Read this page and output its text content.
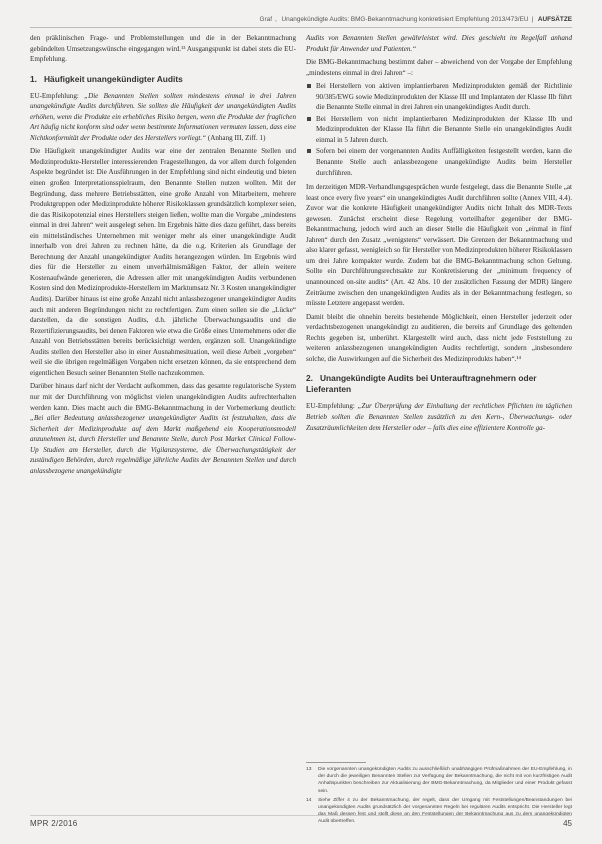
Graf , Unangekündigte Audits: BMG-Bekanntmachung konkretisiert Empfehlung 2013/473/EU | AUFSÄTZE

den präklinischen Frage- und Problemstellungen und die in der Bekanntmachung gebündelten Umsetzungswünsche eingegangen wird.¹³ Ausgangspunkt ist dabei stets die EU-Empfehlung.

1. Häufigkeit unangekündigter Audits

EU-Empfehlung: „Die Benannten Stellen sollten mindestens einmal in drei Jahren unangekündigte Audits durchführen. Sie sollten die Häufigkeit der unangekündigten Audits erhöhen, wenn die Produkte ein erhebliches Risiko bergen, wenn die Produkte der fraglichen Art häufig nicht konform sind oder wenn bestimmte Informationen vermuten lassen, dass eine Nichtkonformität der Produkte oder des Herstellers vorliegt.“ (Anhang III, Ziff. 1)

Die Häufigkeit unangekündigter Audits war eine der zentralen Benannte Stellen und Medizinprodukte-Hersteller interessierenden Fragestellungen, da vor allem durch folgenden Aspekte begründet ist: Die Ausführungen in der Empfehlung sind nicht eindeutig und bieten einen großen Interpretationsspielraum, den Benannte Stellen nutzen wollten. Mit der Begründung, dass mehrere Betriebsstätten, eine große Anzahl von Mitarbeitern, mehrere Produktgruppen oder Medizinprodukte höherer Risikoklassen grundsätzlich komplexer seien, die das Risikopotenzial eines Herstellers steigen ließen, wollte man die Vorgabe „mindestens einmal in drei Jahren“ weit ausgelegt sehen. Im Ergebnis hätte dies dazu geführt, dass bereits ein mittelständisches Unternehmen mit weniger mehr als einer unangekündigte Audit innerhalb von drei Jahren zu rechnen hätte, da die o.g. Kriterien als Grundlage der Berechnung der Anzahl unangekündigter Audits herangezogen würden. Im Ergebnis wird dies für die Hersteller zu einem unverhältnismäßigen Faktor, der allein weitere Kostenaufwände generieren, die Adressen aller mit unangekündigten Audits verbundenen Kosten sind den Medizinprodukte-Herstellern im Marktumsatz Nr. 3 Kosten unangekündigter Audits). Darüber hinaus ist eine große Anzahl nicht anlassbezogener unangekündigter Audits auch mit anderen Begründungen nicht zu rechtfertigen. Zum einen sollen sie die „Lücke“ darstellen, da die sonstigen Audits, d.h. jährliche Überwachungsaudits und die Rezertifizierungsaudits, bei denen Faktoren wie etwa die Größe eines Unternehmens oder die Anzahl von Betriebsstätten bereits berücksichtigt werden, ergänzen soll. Unangekündigte Audits stellen den Hersteller also in einer Ausnahmesituation, weil diese Arbeit „vorgeben“ weil sie die übrigen regelmäßigen Vorgaben nicht ersetzen können, da sie entsprechend dem eigentlichen Besuch seiner Benannten Stelle nachzukommen.

Darüber hinaus darf nicht der Verdacht aufkommen, dass das gesamte regulatorische System nur mit der Durchführung von möglichst vielen unangekündigten Audits aufrechterhalten werden kann. Dies macht auch die BMG-Bekanntmachung in der Vorbemerkung deutlich: „Bei aller Bedeutung anlassbezogener unangekündigter Audits ist festzuhalten, dass die Sicherheit der Medizinprodukte auf dem Markt maßgebend ein Kooperationsmodell anzunehmen ist, durch Hersteller und Benannte Stelle, durch Post Market Clinical Follow-Up Studien am Hersteller, durch die Vigilanzsysteme, die Überwachungstätigkeit der zuständigen Behörden, durch regelmäßige jährliche Audits der Benannten Stellen und durch anlassbezogene unangekündigte

Audits von Benannten Stellen gewährleistet wird. Dies geschieht im Regelfall anhand Produkt für Anwender und Patienten.“

Die BMG-Bekanntmachung bestimmt daher – abweichend von der Vorgabe der Empfehlung „mindestens einmal in drei Jahren“ –:

Bei Herstellern von aktiven implantierbaren Medizinprodukten gemäß der Richtlinie 90/385/EWG sowie Medizinprodukten der Klasse III und Implantaten der Klasse IIb führt die Benannte Stelle einmal in drei Jahren ein unangekündigtes Audit durch.
Bei Herstellern von nicht implantierbaren Medizinprodukten der Klasse IIb und Medizinprodukten der Klasse IIa führt die Benannte Stelle ein unangekündigtes Audit einmal in 5 Jahren durch.
Sofern bei einem der vorgenannten Audits Auffälligkeiten festgestellt werden, kann die Benannte Stelle auch anlassbezogene unangekündigte Audits beim Hersteller durchführen.

Im derzeitigen MDR-Verhandlungsgesprächen wurde festgelegt, dass die Benannte Stelle „at least once every five years“ ein unangekündigtes Audit durchführen sollte (Annex VIII, 4.4). Zuvor war die konkrete Häufigkeit unangekündigter Audits nicht Inhalt des MDR-Texts gewesen. Zunächst erscheint diese Regelung vorteilhafter gegenüber der BMG-Bekanntmachung, jedoch wird auch an dieser Stelle die Häufigkeit von „einmal in fünf Jahren“ durch den Zusatz „wenigstens“ verwässert. Die Grenzen der Bekanntmachung und also klarer gefasst, wenigleich so für Hersteller von Medizinprodukten höherer Risikoklassen um drei Jahre kompakter wurde. Zudem bat die BMG-Bekanntmachung schon Geltung. Sollte ein Durchführungsrechtsakte zur Konkretisierung der „minimum frequency of unannounced on-site audits“ (Art. 42 Abs. 10 der zusätzlichen Fassung der MDR) längere Zeiträume zwischen den unangekündigten Audits als in der Bekanntmachung festlegen, so müsste Letztere angepasst werden.

Damit bleibt die ohnehin bereits bestehende Möglichkeit, einen Hersteller jederzeit oder verdachtsbezogenen unangekündigt zu auditieren, die bereits auf Grundlage des geltenden Rechts gegeben ist, unberührt. Klargestellt wird auch, dass nicht jede Feststellung zu weiteren anlassbezogenen unangekündigten Audits rechtfertigt, sondern „insbesondere solche, die Auswirkungen auf die Sicherheit des Medizinprodukts haben“.¹⁴

2. Unangekündigte Audits bei Unterauftragnehmern oder Lieferanten

EU-Empfehlung: „Zur Überprüfung der Einhaltung der rechtlichen Pflichten im täglichen Betrieb sollten die Benannten Stellen zusätzlich zu den Kern-, Überwachungs- oder Zusatzräumlichkeiten dem Hersteller oder – falls dies eine effizientere Kontrolle ga-

13 Die vorgenannten unangekündigten Audits zu ausschließlich unabhängigen Prüfmaßnahmen der EU-Empfehlung, in der durch die jeweiligen Benannten Stellen zur Verfügung der Bekanntmachung, die nicht mit von kurzfristigen Audit Anhaltspunkten beschreiben zur Aktualisierung der BMG-Bekanntmachung, da Mitglieder und einer Produkt gefasst sein.
14 Siehe Ziffer 4 zu der Bekanntmachung, der regelt, dass der Umgang mit Feststellungen/Beanstandungen bei unangekündigten Audits grundsätzlich der vorgenannten Regeln bei regulären Audits entspricht. Die Hersteller legt das Maß dessen fest und stellt diese an den Feststellungen der Bekanntmachung aus zu dem unangekündigten Audit übertreffen.
MPR 2/2016	45
